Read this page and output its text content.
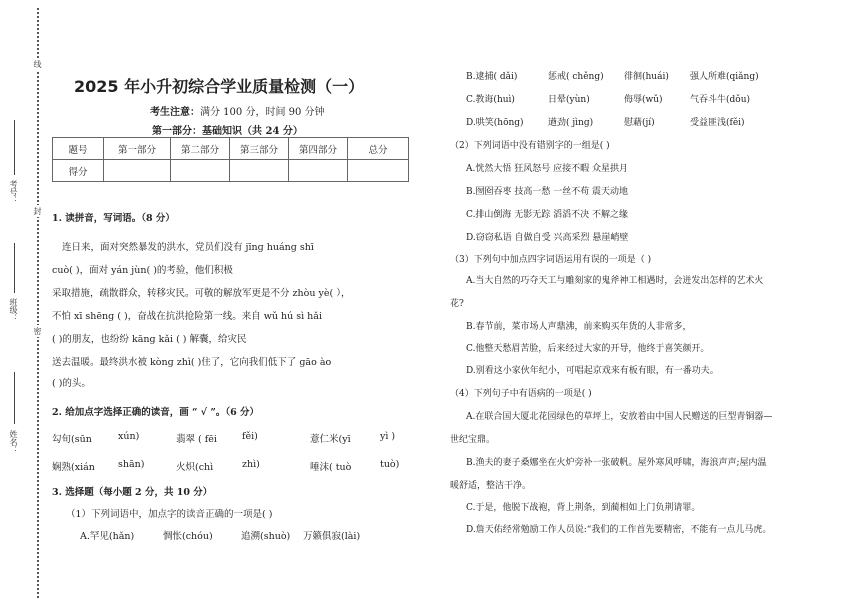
线
封
密
考号：
班级：
姓名：
2025 年小升初综合学业质量检测（一）
考生注意：满分 100 分，时间 90 分钟
第一部分：基础知识（共 24 分）
题号	第一部分	第二部分	第三部分	第四部分	总分
得分					
1. 读拼音，写词语。（8 分）
连日来，面对突然暴发的洪水，党员们没有 jīnɡ huánɡ shī
cuò( )，面对 yán jùn( )的考验，他们积极
采取措施，疏散群众，转移灾民。可敬的解放军更是不分 zhòu yè( ），
不怕 xī shēnɡ ( )，奋战在抗洪抢险第一线。来自 wǔ hú sì hǎi
( )的朋友，也纷纷 kānɡ kǎi ( ) 解囊，给灾民
送去温暖。最终洪水被 kònɡ zhì( )住了，它向我们低下了 ɡāo ào
( )的头。
2. 给加点字选择正确的读音，画 “ √ ”。（6 分）
勾旬(sūn	xún)	翡翠 ( fēi	fěi)	薏仁米(yī	yì )
娴熟(xián shān)	火炽(chì	zhì)	唾沫( tuò	tuò)
3. 选择题（每小题 2 分，共 10 分）
（1）下列词语中，加点字的读音正确的一项是( )
A.罕见(hǎn)	惆怅(chóu)	追溯(shuò) 万籁俱寂(lài)
B.逮捕( dǎi)	惩戒( chěng) 徘徊(huái) 强人所难(qiǎng)
C.教诲(huì)	日晕(yùn)	侮辱(wǔ)	气吞斗牛(dǒu)
D.哄笑(hōng)	遒劲( jìng)	慰藉(jí)	受益匪浅(fěi)
（2）下列词语中没有错别字的一组是( )
A.恍然大悟 狂风怒号 应接不暇 众星拱月
B.囫囵吞枣 技高一愁 一丝不苟 震天动地
C.排山倒海 无影无踪 滔滔不决 不解之缘
D.窃窃私语 自做自受 兴高采烈 悬崖峭壁
（3）下列句中加点四字词语运用有误的一项是（ )
A.当大自然的巧夺天工与雕刻家的鬼斧神工相遇时，会迸发出怎样的艺术火
花?
B.春节前，菜市场人声鼎沸，前来购买年货的人非常多，
C.他整天愁眉苦脸，后来经过大家的开导，他终于喜笑颜开。
D.别看这小家伙年纪小，可唱起京戏来有板有眼，有一番功夫。
（4）下列句子中有语病的一项是( )
A.在联合国大厦北花园绿色的草坪上，安放着由中国人民赠送的巨型青铜器—
世纪宝鼎。
B.渔夫的妻子桑娜坐在火炉旁补一张破帆。屋外寒风呼啸，海浪声声;屋内温
暖舒适，整洁干净。
C.于是，他脱下战袍，背上荆条，到蔺相如上门负荆请罪。
D.詹天佑经常勉励工作人员说:“我们的工作首先要精密，不能有一点儿马虎。
